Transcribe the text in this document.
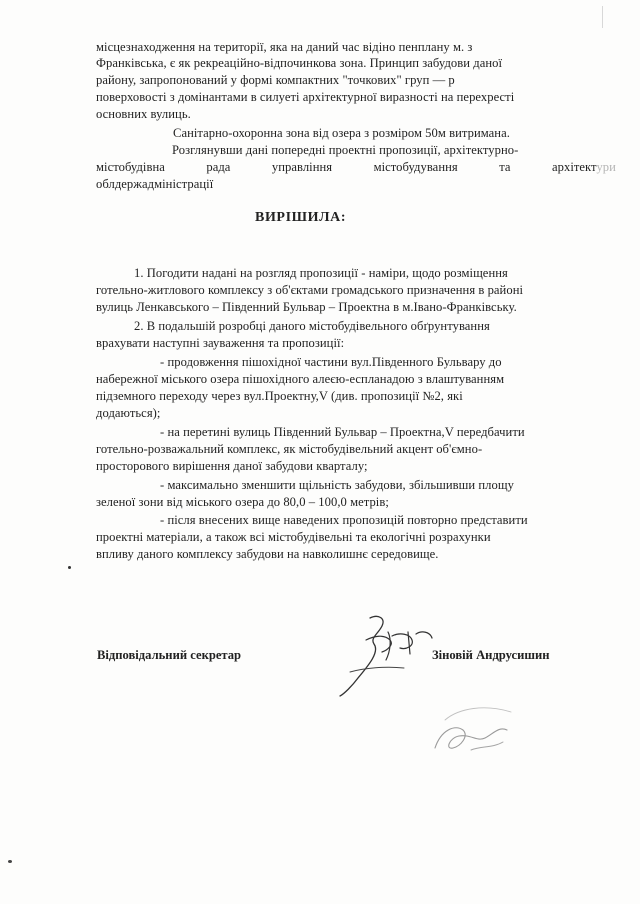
місцезнаходження на території, яка на даний час відіно пенплану м. з
Франківська, є як рекреаційно-відпочинкова зона. Принцип забудови даної
району, запропонований у формі компактних "точкових" груп — р
поверховості з домінантами в силуеті архітектурної виразності на перехресті
основних вулиць.
Санітарно-охоронна зона від озера з розміром 50м витримана.
Розглянувши дані попередні проектні пропозиції, архітектурно-
містобудівна	рада	управління	містобудування	та	архітектури
облдержадміністрації
ВИРІШИЛА:
1. Погодити надані на розгляд пропозиції - наміри, щодо розміщення
готельно-житлового комплексу з об'єктами громадського призначення в районі
вулиць Ленкавського – Південний Бульвар – Проектна в м.Івано-Франківську.
2. В подальшій розробці даного містобудівельного обґрунтування
врахувати наступні зауваження та пропозиції:
- продовження пішохідної частини вул.Південного Бульвару до
набережної міського озера пішохідного алеєю-еспланадою з влаштуванням
підземного переходу через вул.Проектну,V (див. пропозиції №2, які
додаються);
- на перетині вулиць Південний Бульвар – Проектна,V передбачити
готельно-розважальний комплекс, як містобудівельний акцент об'ємно-
просторового вирішення даної забудови кварталу;
- максимально зменшити щільність забудови, збільшивши площу
зеленої зони від міського озера до 80,0 – 100,0 метрів;
- після внесених вище наведених пропозицій повторно представити
проектні матеріали, а також всі містобудівельні та екологічні розрахунки
впливу даного комплексу забудови на навколишнє середовище.
Відповідальний секретар	Зіновій Андрусишин
